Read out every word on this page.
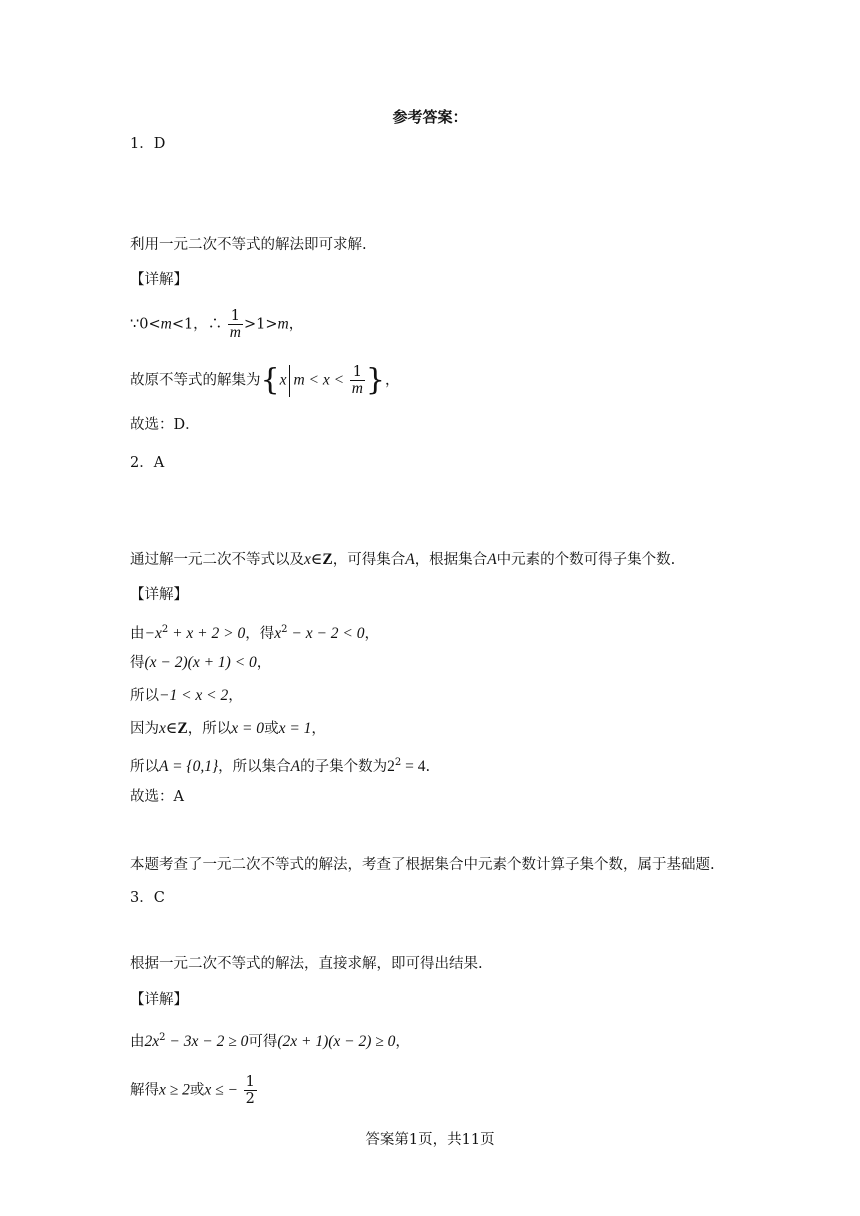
参考答案：
1．D
利用一元二次不等式的解法即可求解.
【详解】
∵0<m<1，∴ $\frac{1}{m} >1>m$，
故原不等式的解集为{x $m < x < \frac{1}{m}$ }，
故选：D．
2．A
通过解一元二次不等式以及x∈Z，可得集合A，根据集合A中元素的个数可得子集个数.
【详解】
由$-x^2 + x + 2 > 0$，得$x^2 - x - 2 < 0$，
得(x − 2)(x + 1) < 0，
所以−1 < x < 2，
因为x∈Z，所以x = 0或x = 1，
所以A = {0,1}，所以集合A的子集个数为$2^2 = 4$.
故选：A
本题考查了一元二次不等式的解法，考查了根据集合中元素个数计算子集个数，属于基础题.
3．C
根据一元二次不等式的解法，直接求解，即可得出结果.
【详解】
由$2x^2 - 3x - 2 \ge 0$可得(2x + 1)(x − 2) ≥ 0，
解得x ≥ 2或x ≤ − $\frac{1}{2}$
答案第1页，共11页
